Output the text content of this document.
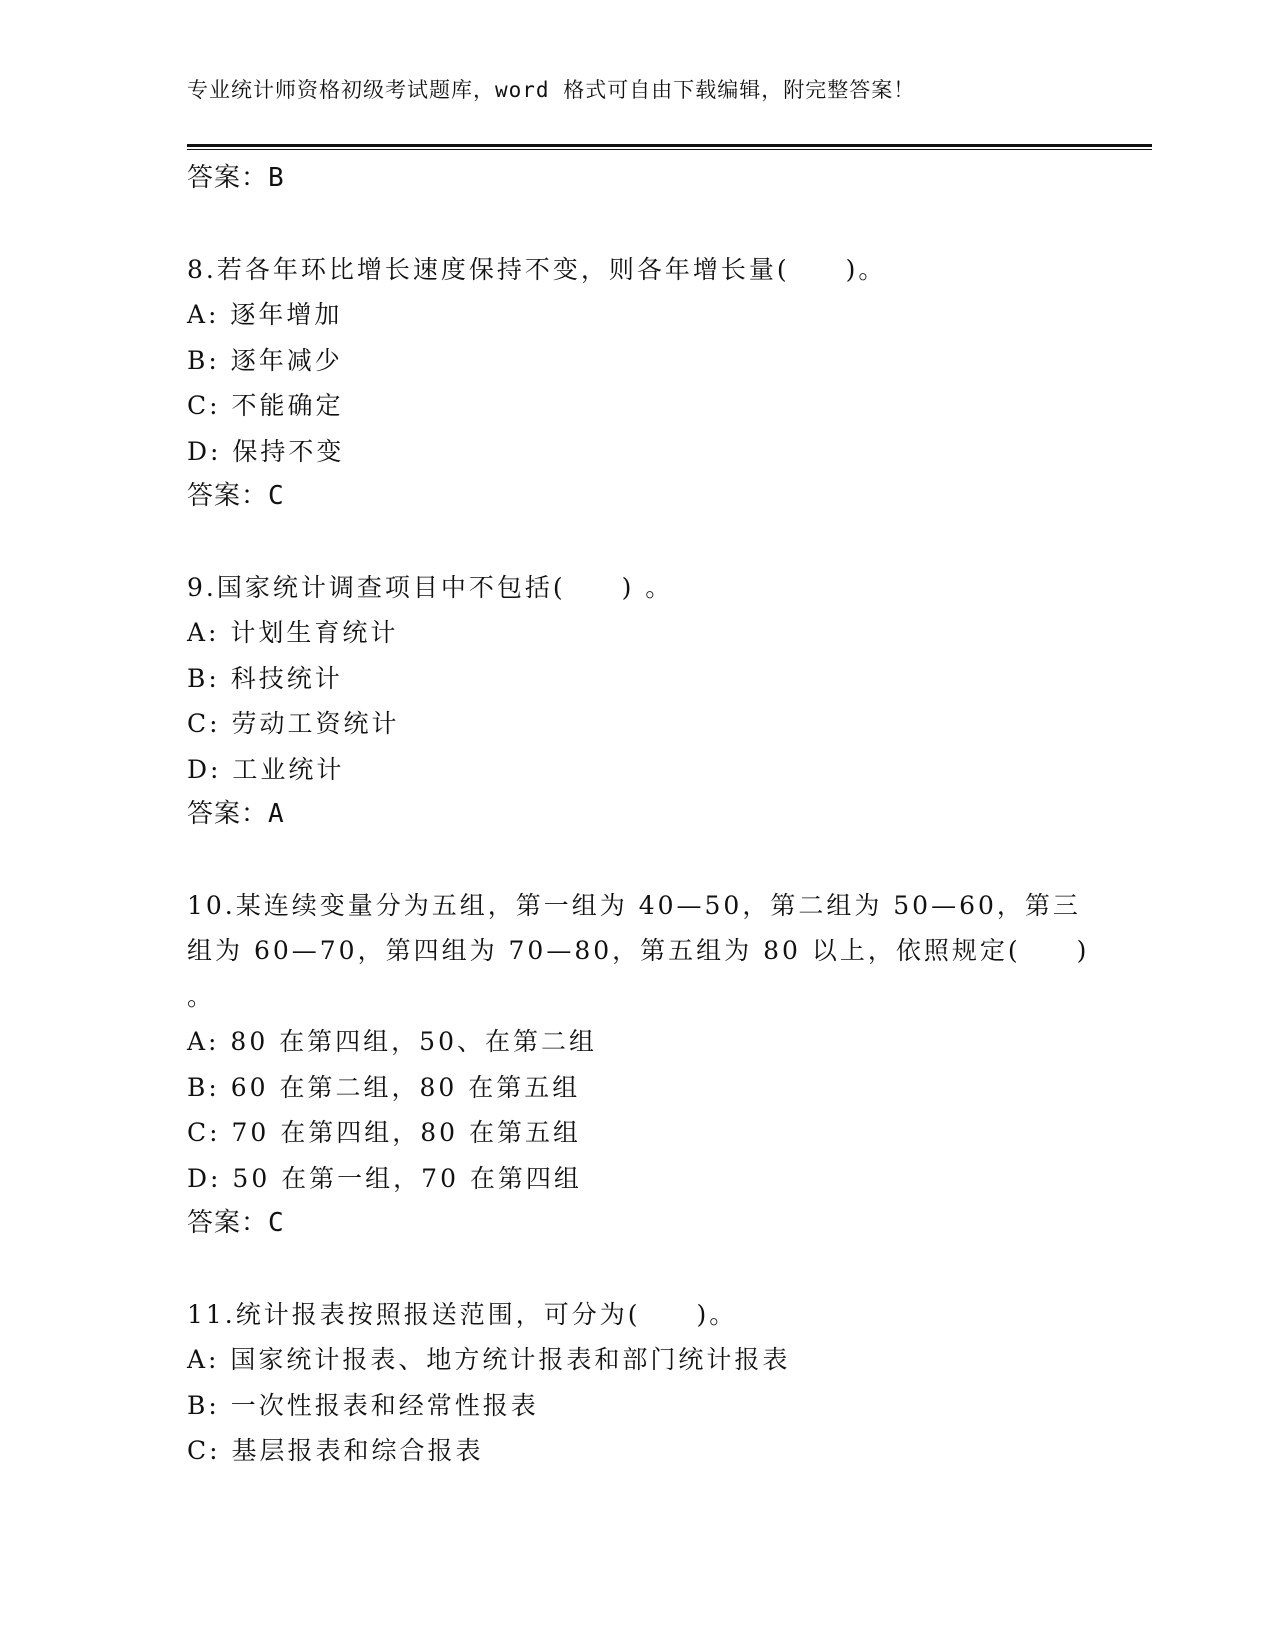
专业统计师资格初级考试题库，word 格式可自由下载编辑，附完整答案！

答案：B

8.若各年环比增长速度保持不变，则各年增长量(　　)。

A: 逐年增加

B: 逐年减少

C: 不能确定

D: 保持不变

答案：C

9.国家统计调查项目中不包括(　　) 。

A: 计划生育统计

B: 科技统计

C: 劳动工资统计

D: 工业统计

答案：A

10.某连续变量分为五组，第一组为 40—50，第二组为 50—60，第三

组为 60—70，第四组为 70—80，第五组为 80 以上，依照规定(　　)

。

A: 80 在第四组，50、在第二组

B: 60 在第二组，80 在第五组

C: 70 在第四组，80 在第五组

D: 50 在第一组，70 在第四组

答案：C

11.统计报表按照报送范围，可分为(　　)。

A: 国家统计报表、地方统计报表和部门统计报表

B: 一次性报表和经常性报表

C: 基层报表和综合报表
